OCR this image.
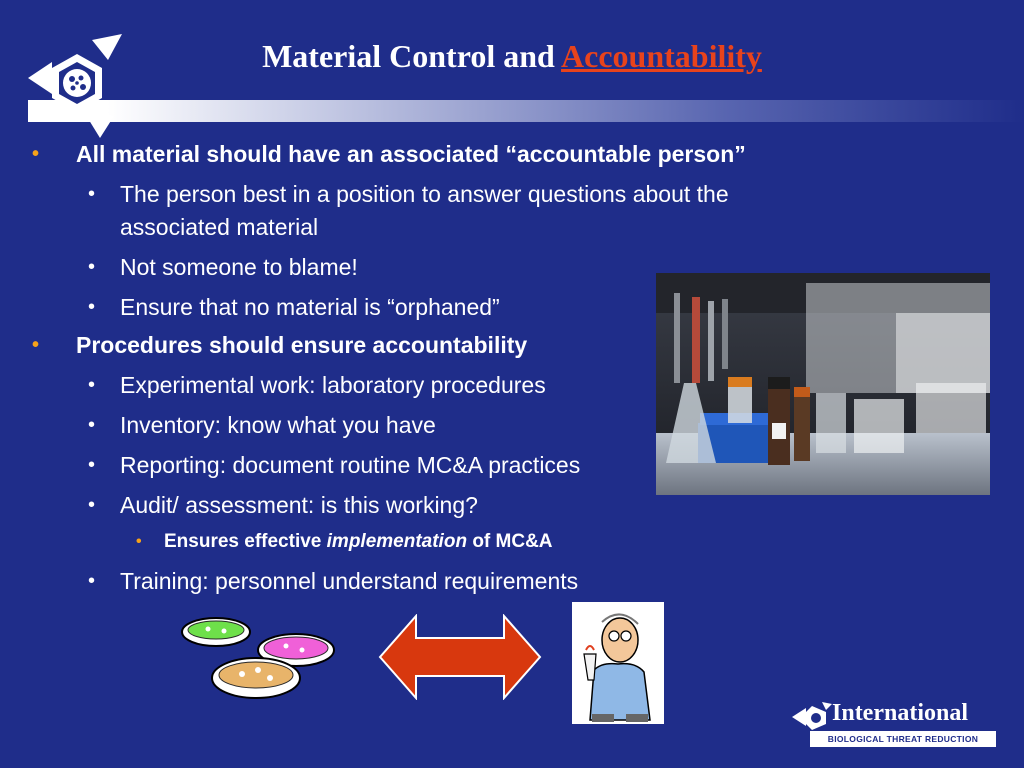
Material Control and Accountability
• All material should have an associated “accountable person”
• The person best in a position to answer questions about the associated material
• Not someone to blame!
• Ensure that no material is “orphaned”
• Procedures should ensure accountability
• Experimental work: laboratory procedures
• Inventory: know what you have
• Reporting: document routine MC&A practices
• Audit/ assessment: is this working?
• Ensures effective implementation of MC&A
• Training: personnel understand requirements
International
BIOLOGICAL THREAT REDUCTION
